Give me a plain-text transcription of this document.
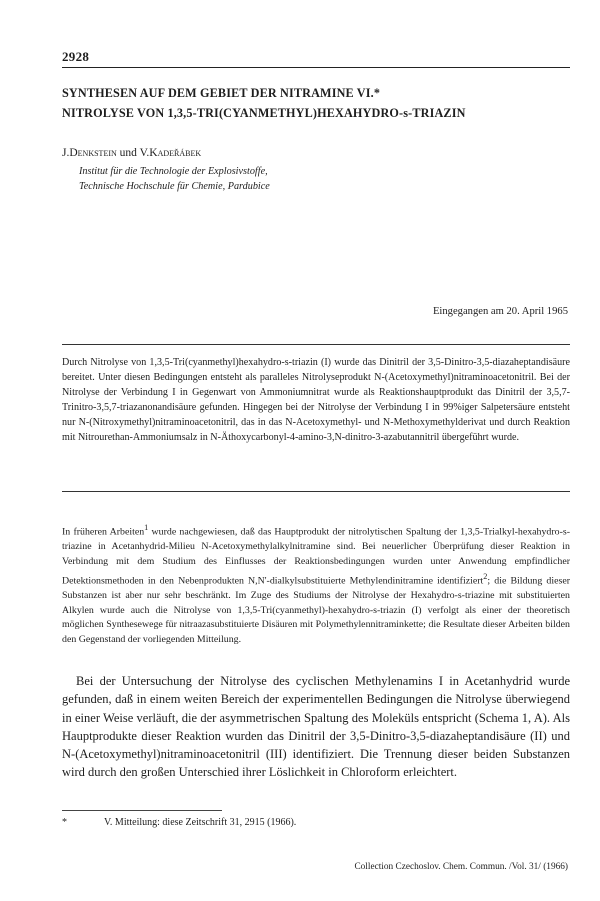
2928
SYNTHESEN AUF DEM GEBIET DER NITRAMINE VI.*
NITROLYSE VON 1,3,5-TRI(CYANMETHYL)HEXAHYDRO-s-TRIAZIN
J.Denkstein und V.Kadeřábek
Institut für die Technologie der Explosivstoffe,
Technische Hochschule für Chemie, Pardubice
Eingegangen am 20. April 1965
Durch Nitrolyse von 1,3,5-Tri(cyanmethyl)hexahydro-s-triazin (I) wurde das Dinitril der 3,5-Dinitro-3,5-diazaheptandisäure bereitet. Unter diesen Bedingungen entsteht als paralleles Nitrolyseprodukt N-(Acetoxymethyl)nitraminoacetonitril. Bei der Nitrolyse der Verbindung I in Gegenwart von Ammoniumnitrat wurde als Reaktionshauptprodukt das Dinitril der 3,5,7-Trinitro-3,5,7-triazanonandisäure gefunden. Hingegen bei der Nitrolyse der Verbindung I in 99%iger Salpetersäure entsteht nur N-(Nitroxymethyl)nitraminoacetonitril, das in das N-Acetoxymethyl- und N-Methoxymethylderivat und durch Reaktion mit Nitrourethan-Ammoniumsalz in N-Äthoxycarbonyl-4-amino-3,N-dinitro-3-azabutannitril übergeführt wurde.
In früheren Arbeiten$^1$ wurde nachgewiesen, daß das Hauptprodukt der nitrolytischen Spaltung der 1,3,5-Trialkyl-hexahydro-s-triazine in Acetanhydrid-Milieu N-Acetoxymethylalkylnitramine sind. Bei neuerlicher Überprüfung dieser Reaktion in Verbindung mit dem Studium des Einflusses der Reaktionsbedingungen wurden unter Anwendung empfindlicher Detektionsmethoden in den Nebenprodukten N,N'-dialkylsubstituierte Methylendinitramine identifiziert$^2$; die Bildung dieser Substanzen ist aber nur sehr beschränkt. Im Zuge des Studiums der Nitrolyse der Hexahydro-s-triazine mit substituierten Alkylen wurde auch die Nitrolyse von 1,3,5-Tri(cyanmethyl)-hexahydro-s-triazin (I) verfolgt als einer der theoretisch möglichen Synthesewege für nitraazasubstituierte Disäuren mit Polymethylennitraminkette; die Resultate dieser Arbeiten bilden den Gegenstand der vorliegenden Mitteilung.
Bei der Untersuchung der Nitrolyse des cyclischen Methylenamins I in Acetanhydrid wurde gefunden, daß in einem weiten Bereich der experimentellen Bedingungen die Nitrolyse überwiegend in einer Weise verläuft, die der asymmetrischen Spaltung des Moleküls entspricht (Schema 1, A). Als Hauptprodukte dieser Reaktion wurden das Dinitril der 3,5-Dinitro-3,5-diazaheptandisäure (II) und N-(Acetoxymethyl)nitraminoacetonitril (III) identifiziert. Die Trennung dieser beiden Substanzen wird durch den großen Unterschied ihrer Löslichkeit in Chloroform erleichtert.
*	V. Mitteilung: diese Zeitschrift 31, 2915 (1966).
Collection Czechoslov. Chem. Commun. /Vol. 31/ (1966)
